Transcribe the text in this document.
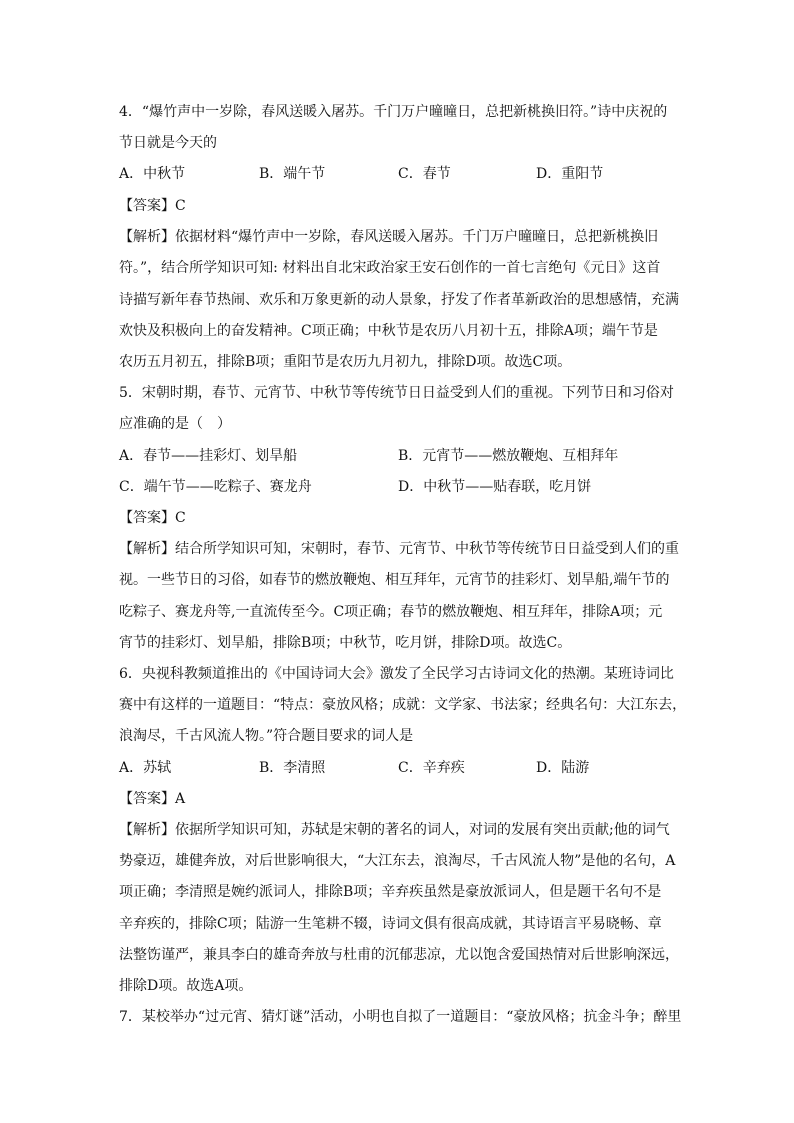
4．“爆竹声中一岁除，春风送暖入屠苏。千门万户曈曈日，总把新桃换旧符。”诗中庆祝的
节日就是今天的
A．中秋节	B．端午节	C．春节	D．重阳节
【答案】C
【解析】依据材料“爆竹声中一岁除，春风送暖入屠苏。千门万户曈曈日，总把新桃换旧
符。”，结合所学知识可知: 材料出自北宋政治家王安石创作的一首七言绝句《元日》这首
诗描写新年春节热闹、欢乐和万象更新的动人景象，抒发了作者革新政治的思想感情，充满
欢快及积极向上的奋发精神。C项正确；中秋节是农历八月初十五，排除A项；端午节是
农历五月初五，排除B项；重阳节是农历九月初九，排除D项。故选C项。
5．宋朝时期，春节、元宵节、中秋节等传统节日日益受到人们的重视。下列节日和习俗对
应准确的是（　）
A．春节——挂彩灯、划旱船	B．元宵节——燃放鞭炮、互相拜年
C．端午节——吃粽子、赛龙舟	D．中秋节——贴春联，吃月饼
【答案】C
【解析】结合所学知识可知，宋朝时，春节、元宵节、中秋节等传统节日日益受到人们的重
视。一些节日的习俗，如春节的燃放鞭炮、相互拜年，元宵节的挂彩灯、划旱船,端午节的
吃粽子、赛龙舟等,一直流传至今。C项正确；春节的燃放鞭炮、相互拜年，排除A项；元
宵节的挂彩灯、划旱船，排除B项；中秋节，吃月饼，排除D项。故选C。
6．央视科教频道推出的《中国诗词大会》激发了全民学习古诗词文化的热潮。某班诗词比
赛中有这样的一道题目：“特点：豪放风格；成就：文学家、书法家；经典名句：大江东去，
浪淘尽，千古风流人物。”符合题目要求的词人是
A．苏轼	B．李清照	C．辛弃疾	D．陆游
【答案】A
【解析】依据所学知识可知，苏轼是宋朝的著名的词人，对词的发展有突出贡献;他的词气
势豪迈，雄健奔放，对后世影响很大，“大江东去，浪淘尽，千古风流人物”是他的名句，A
项正确；李清照是婉约派词人，排除B项；辛弃疾虽然是豪放派词人，但是题干名句不是
辛弃疾的，排除C项；陆游一生笔耕不辍，诗词文俱有很高成就，其诗语言平易晓畅、章
法整饬谨严，兼具李白的雄奇奔放与杜甫的沉郁悲凉，尤以饱含爱国热情对后世影响深远，
排除D项。故选A项。
7．某校举办“过元宵、猜灯谜”活动，小明也自拟了一道题目：“豪放风格；抗金斗争；醉里
